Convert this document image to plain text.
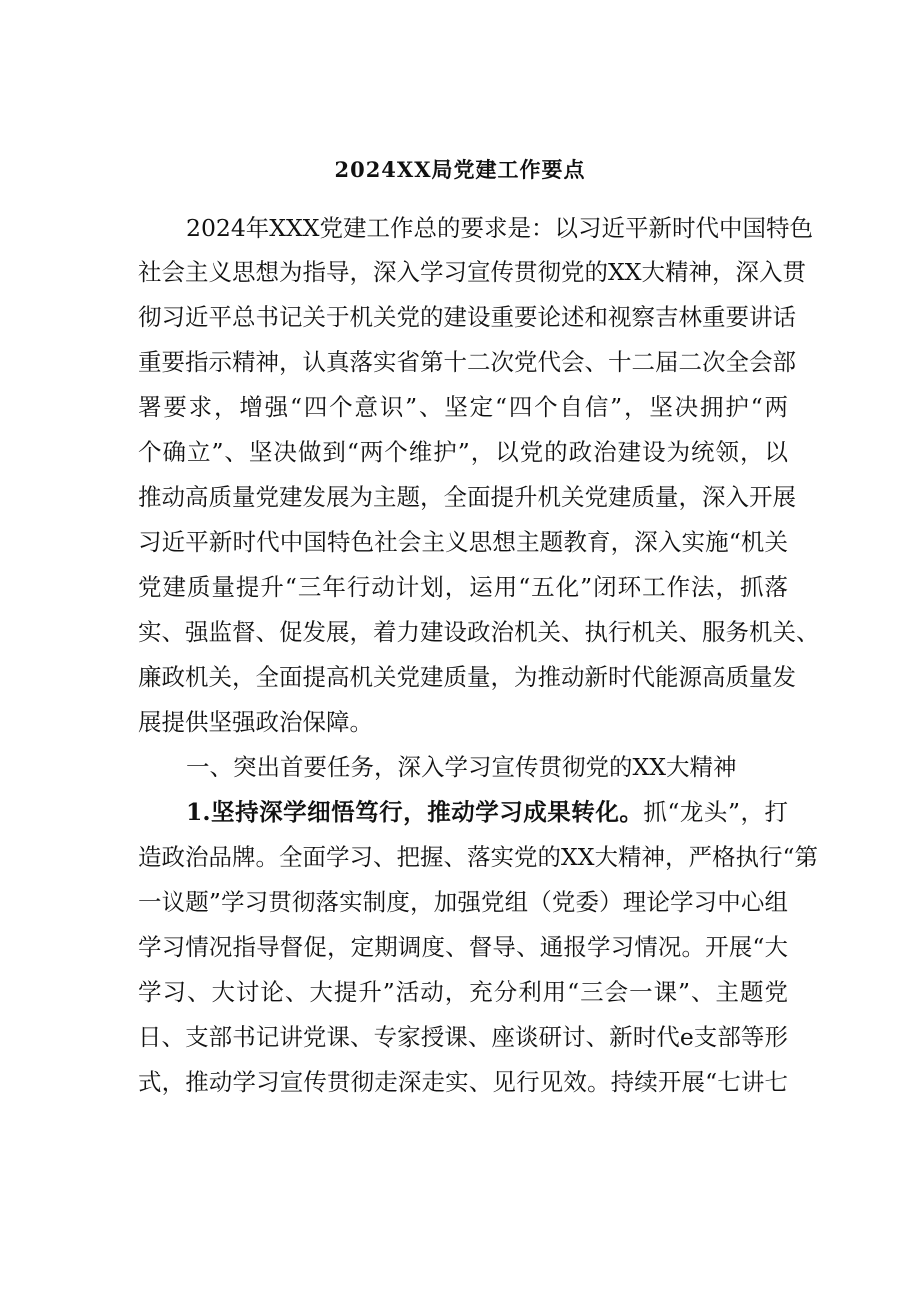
2024XX局党建工作要点
2024年XXX党建工作总的要求是：以习近平新时代中国特色
社会主义思想为指导，深入学习宣传贯彻党的XX大精神，深入贯
彻习近平总书记关于机关党的建设重要论述和视察吉林重要讲话
重要指示精神，认真落实省第十二次党代会、十二届二次全会部
署要求，增强“四个意识”、坚定“四个自信”，坚决拥护“两
个确立”、坚决做到“两个维护”，以党的政治建设为统领，以
推动高质量党建发展为主题，全面提升机关党建质量，深入开展
习近平新时代中国特色社会主义思想主题教育，深入实施“机关
党建质量提升“三年行动计划，运用“五化”闭环工作法，抓落
实、强监督、促发展，着力建设政治机关、执行机关、服务机关、
廉政机关，全面提高机关党建质量，为推动新时代能源高质量发
展提供坚强政治保障。
一、突出首要任务，深入学习宣传贯彻党的XX大精神
1.坚持深学细悟笃行，推动学习成果转化。抓“龙头”，打
造政治品牌。全面学习、把握、落实党的XX大精神，严格执行“第
一议题”学习贯彻落实制度，加强党组（党委）理论学习中心组
学习情况指导督促，定期调度、督导、通报学习情况。开展“大
学习、大讨论、大提升”活动，充分利用“三会一课”、主题党
日、支部书记讲党课、专家授课、座谈研讨、新时代e支部等形
式，推动学习宣传贯彻走深走实、见行见效。持续开展“七讲七
